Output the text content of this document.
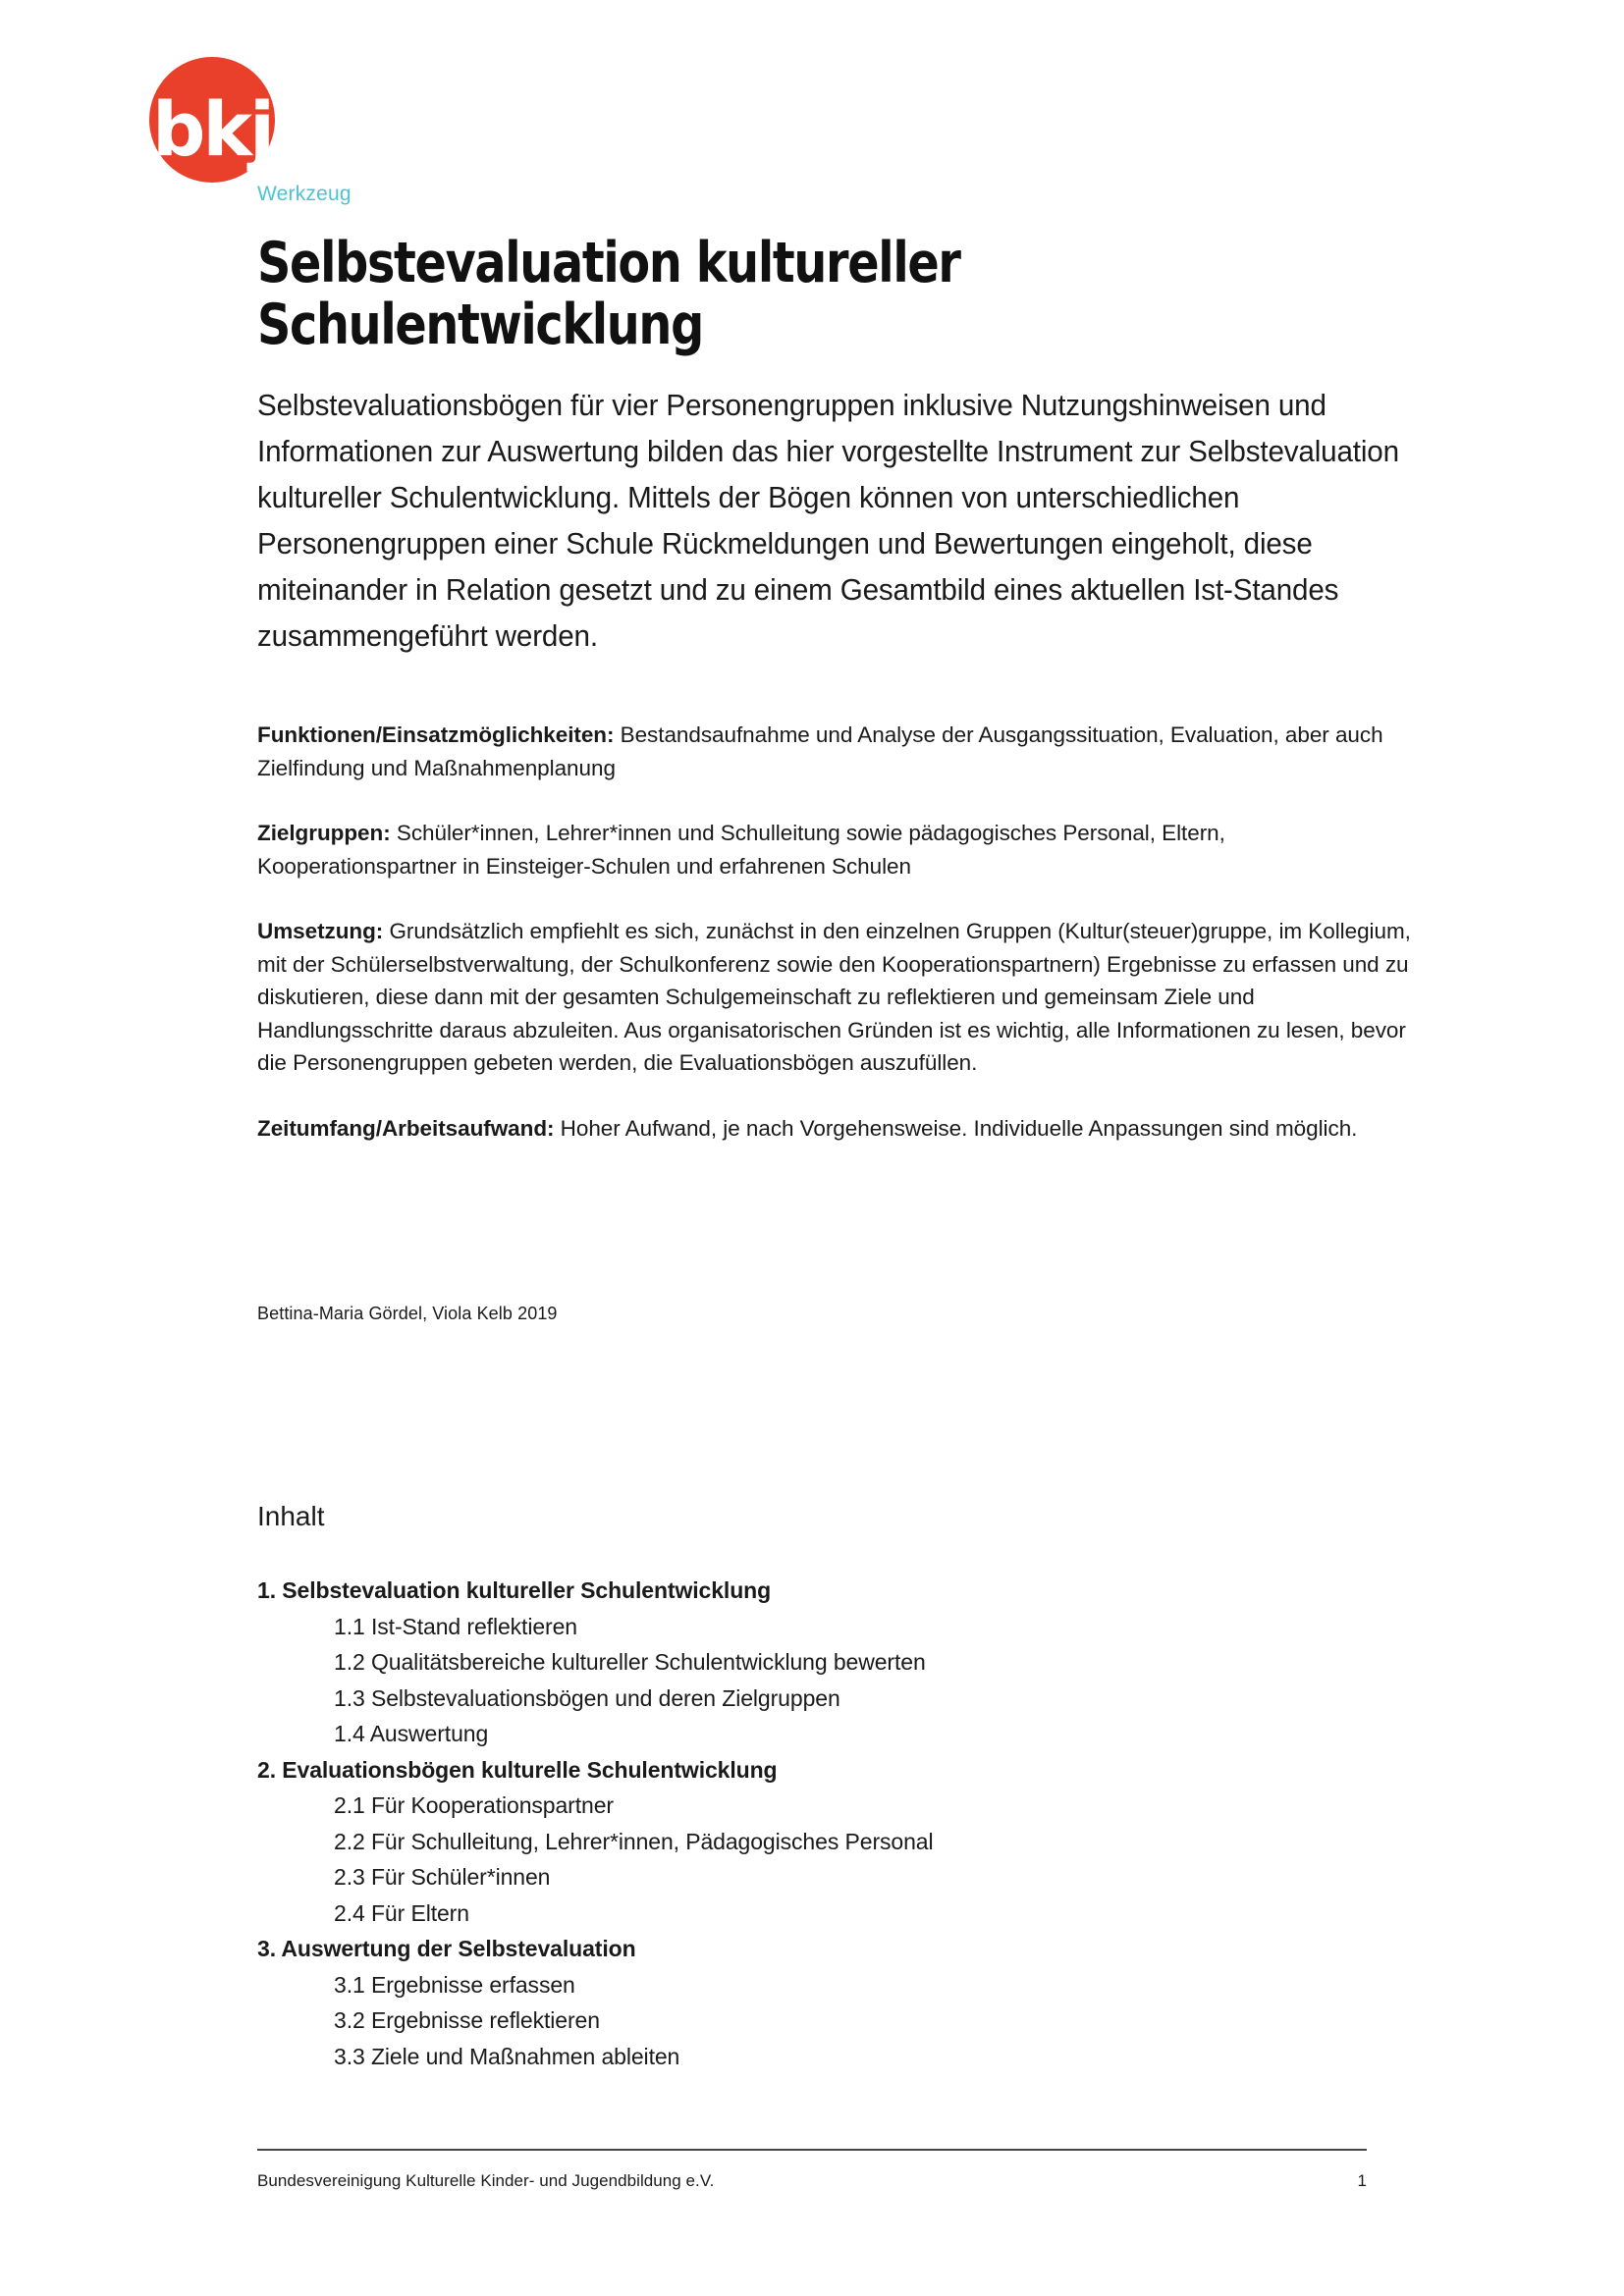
bkj
Werkzeug
Selbstevaluation kultureller Schulentwicklung

Selbstevaluationsbögen für vier Personengruppen inklusive Nutzungshinweisen und Informationen zur Auswertung bilden das hier vorgestellte Instrument zur Selbstevaluation kultureller Schulentwicklung. Mittels der Bögen können von unterschiedlichen Personengruppen einer Schule Rückmeldungen und Bewertungen eingeholt, diese miteinander in Relation gesetzt und zu einem Gesamtbild eines aktuellen Ist-Standes zusammengeführt werden.

Funktionen/Einsatzmöglichkeiten: Bestandsaufnahme und Analyse der Ausgangssituation, Evaluation, aber auch Zielfindung und Maßnahmenplanung

Zielgruppen: Schüler*innen, Lehrer*innen und Schulleitung sowie pädagogisches Personal, Eltern, Kooperationspartner in Einsteiger-Schulen und erfahrenen Schulen

Umsetzung: Grundsätzlich empfiehlt es sich, zunächst in den einzelnen Gruppen (Kultur(steuer)gruppe, im Kollegium, mit der Schülerselbstverwaltung, der Schulkonferenz sowie den Kooperationspartnern) Ergebnisse zu erfassen und zu diskutieren, diese dann mit der gesamten Schulgemeinschaft zu reflektieren und gemeinsam Ziele und Handlungsschritte daraus abzuleiten. Aus organisatorischen Gründen ist es wichtig, alle Informationen zu lesen, bevor die Personengruppen gebeten werden, die Evaluationsbögen auszufüllen.

Zeitumfang/Arbeitsaufwand: Hoher Aufwand, je nach Vorgehensweise. Individuelle Anpassungen sind möglich.

Bettina-Maria Gördel, Viola Kelb 2019
Inhalt
1. Selbstevaluation kultureller Schulentwicklung
1.1 Ist-Stand reflektieren
1.2 Qualitätsbereiche kultureller Schulentwicklung bewerten
1.3 Selbstevaluationsbögen und deren Zielgruppen
1.4 Auswertung
2. Evaluationsbögen kulturelle Schulentwicklung
2.1 Für Kooperationspartner
2.2 Für Schulleitung, Lehrer*innen, Pädagogisches Personal
2.3 Für Schüler*innen
2.4 Für Eltern
3. Auswertung der Selbstevaluation
3.1 Ergebnisse erfassen
3.2 Ergebnisse reflektieren
3.3 Ziele und Maßnahmen ableiten
Bundesvereinigung Kulturelle Kinder- und Jugendbildung e.V.	1
